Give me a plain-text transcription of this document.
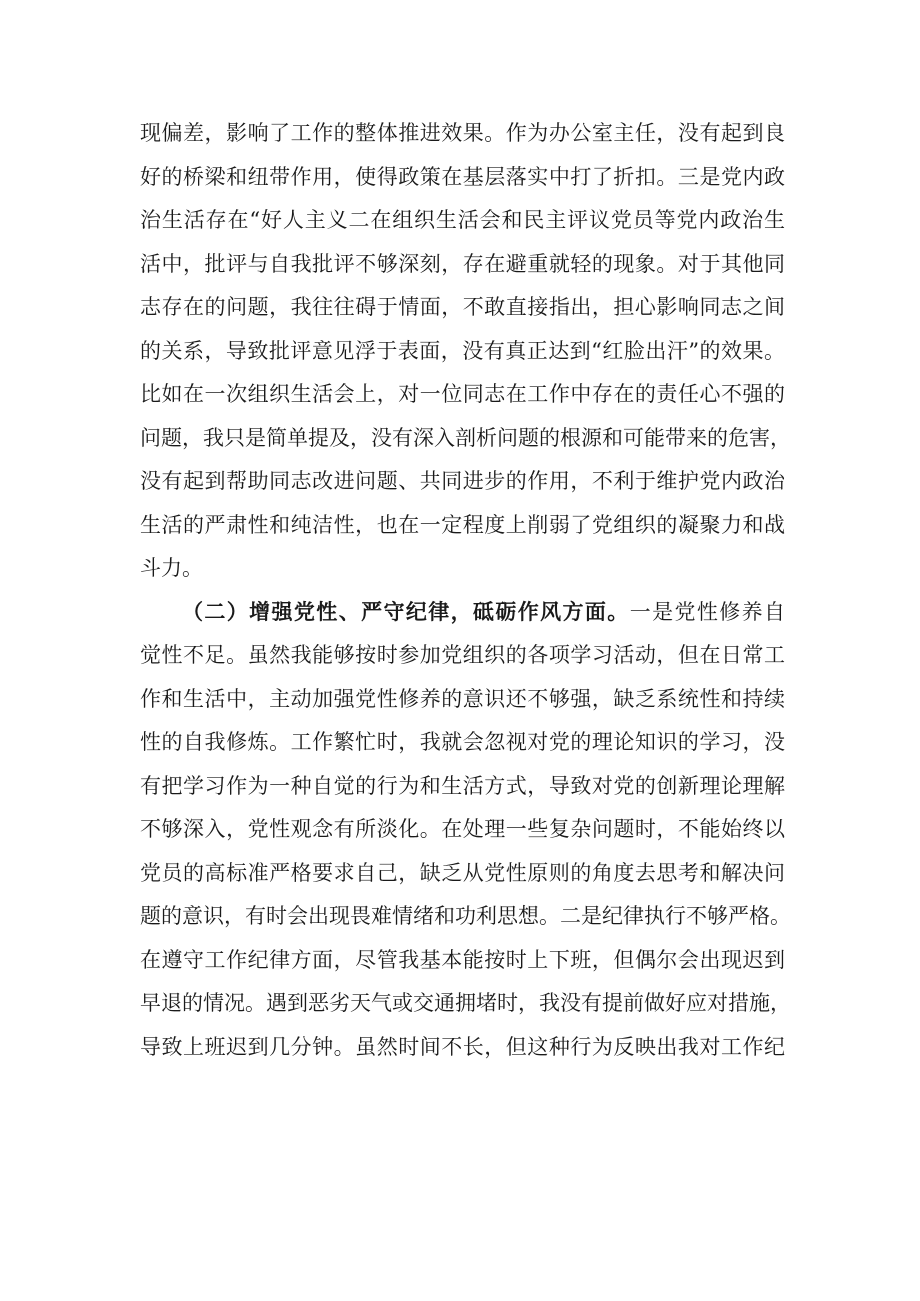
现偏差，影响了工作的整体推进效果。作为办公室主任，没有起到良
好的桥梁和纽带作用，使得政策在基层落实中打了折扣。三是党内政
治生活存在“好人主义二在组织生活会和民主评议党员等党内政治生
活中，批评与自我批评不够深刻，存在避重就轻的现象。对于其他同
志存在的问题，我往往碍于情面，不敢直接指出，担心影响同志之间
的关系，导致批评意见浮于表面，没有真正达到“红脸出汗”的效果。
比如在一次组织生活会上，对一位同志在工作中存在的责任心不强的
问题，我只是简单提及，没有深入剖析问题的根源和可能带来的危害，
没有起到帮助同志改进问题、共同进步的作用，不利于维护党内政治
生活的严肃性和纯洁性，也在一定程度上削弱了党组织的凝聚力和战
斗力。
（二）增强党性、严守纪律，砥砺作风方面。一是党性修养自
觉性不足。虽然我能够按时参加党组织的各项学习活动，但在日常工
作和生活中，主动加强党性修养的意识还不够强，缺乏系统性和持续
性的自我修炼。工作繁忙时，我就会忽视对党的理论知识的学习，没
有把学习作为一种自觉的行为和生活方式，导致对党的创新理论理解
不够深入，党性观念有所淡化。在处理一些复杂问题时，不能始终以
党员的高标准严格要求自己，缺乏从党性原则的角度去思考和解决问
题的意识，有时会出现畏难情绪和功利思想。二是纪律执行不够严格。
在遵守工作纪律方面，尽管我基本能按时上下班，但偶尔会出现迟到
早退的情况。遇到恶劣天气或交通拥堵时，我没有提前做好应对措施，
导致上班迟到几分钟。虽然时间不长，但这种行为反映出我对工作纪
